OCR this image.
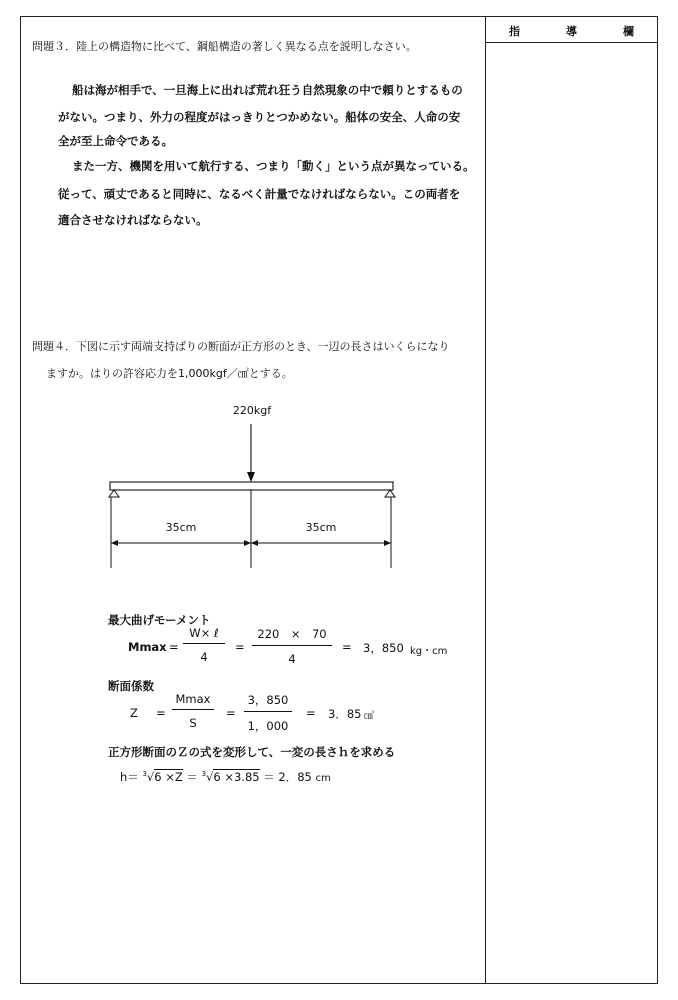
指	導	欄
問題３．陸上の構造物に比べて、鋼船構造の著しく異なる点を説明しなさい。
船は海が相手で、一旦海上に出れば荒れ狂う自然現象の中で頼りとするもの
がない。つまり、外力の程度がはっきりとつかめない。船体の安全、人命の安
全が至上命令である。
また一方、機関を用いて航行する、つまり「動く」という点が異なっている。
従って、頑丈であると同時に、なるべく計量でなければならない。この両者を
適合させなければならない。
問題４．下図に示す両端支持ばりの断面が正方形のとき、一辺の長さはいくらになり
ますか。はりの許容応力を1,000kgf／㎠とする。
220kgf
35cm	35cm
最大曲げモーメント
Mmax =
W× ℓ
4
=
220　×　70
4
= 3，850 kg・cm
断面係数
Z =
Mmax
S
=
3，850
1，000
= 3．85 ㎤
正方形断面のＺの式を変形して、一変の長さｈを求める
h＝ $^3$√6 ×Z ＝ $^3$√6 ×3.85 ＝ 2．85 cm
